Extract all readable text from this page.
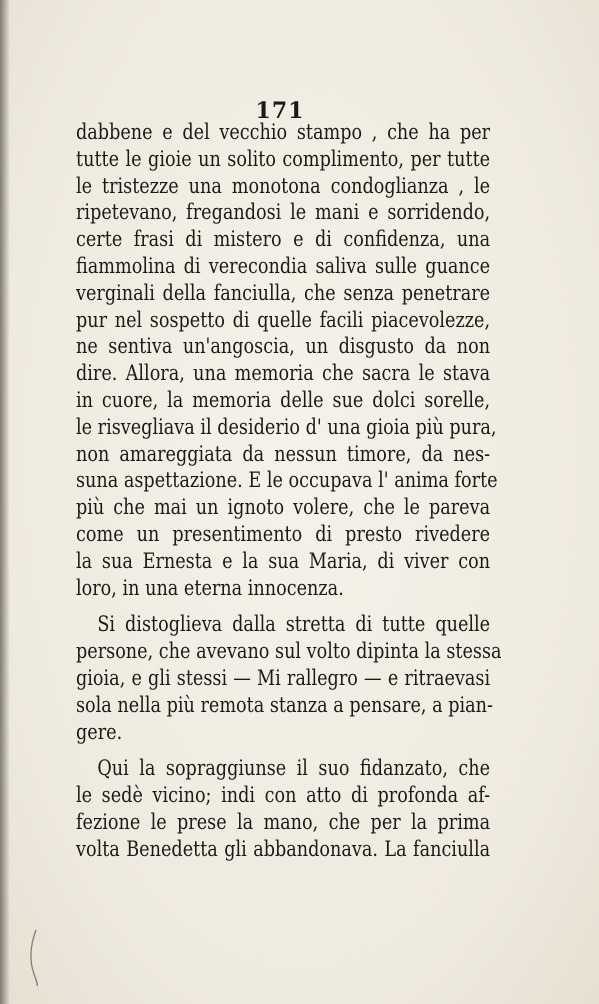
171
dabbene e del vecchio stampo , che ha per
tutte le gioie un solito complimento, per tutte
le tristezze una monotona condoglianza , le
ripetevano, fregandosi le mani e sorridendo,
certe frasi di mistero e di confidenza, una
fiammolina di verecondia saliva sulle guance
verginali della fanciulla, che senza penetrare
pur nel sospetto di quelle facili piacevolezze,
ne sentiva un'angoscia, un disgusto da non
dire. Allora, una memoria che sacra le stava
in cuore, la memoria delle sue dolci sorelle,
le risvegliava il desiderio d' una gioia più pura,
non amareggiata da nessun timore, da nes-
suna aspettazione. E le occupava l' anima forte
più che mai un ignoto volere, che le pareva
come un presentimento di presto rivedere
la sua Ernesta e la sua Maria, di viver con
loro, in una eterna innocenza.
Si distoglieva dalla stretta di tutte quelle
persone, che avevano sul volto dipinta la stessa
gioia, e gli stessi — Mi rallegro — e ritraevasi
sola nella più remota stanza a pensare, a pian-
gere.
Qui la sopraggiunse il suo fidanzato, che
le sedè vicino; indi con atto di profonda af-
fezione le prese la mano, che per la prima
volta Benedetta gli abbandonava. La fanciulla
